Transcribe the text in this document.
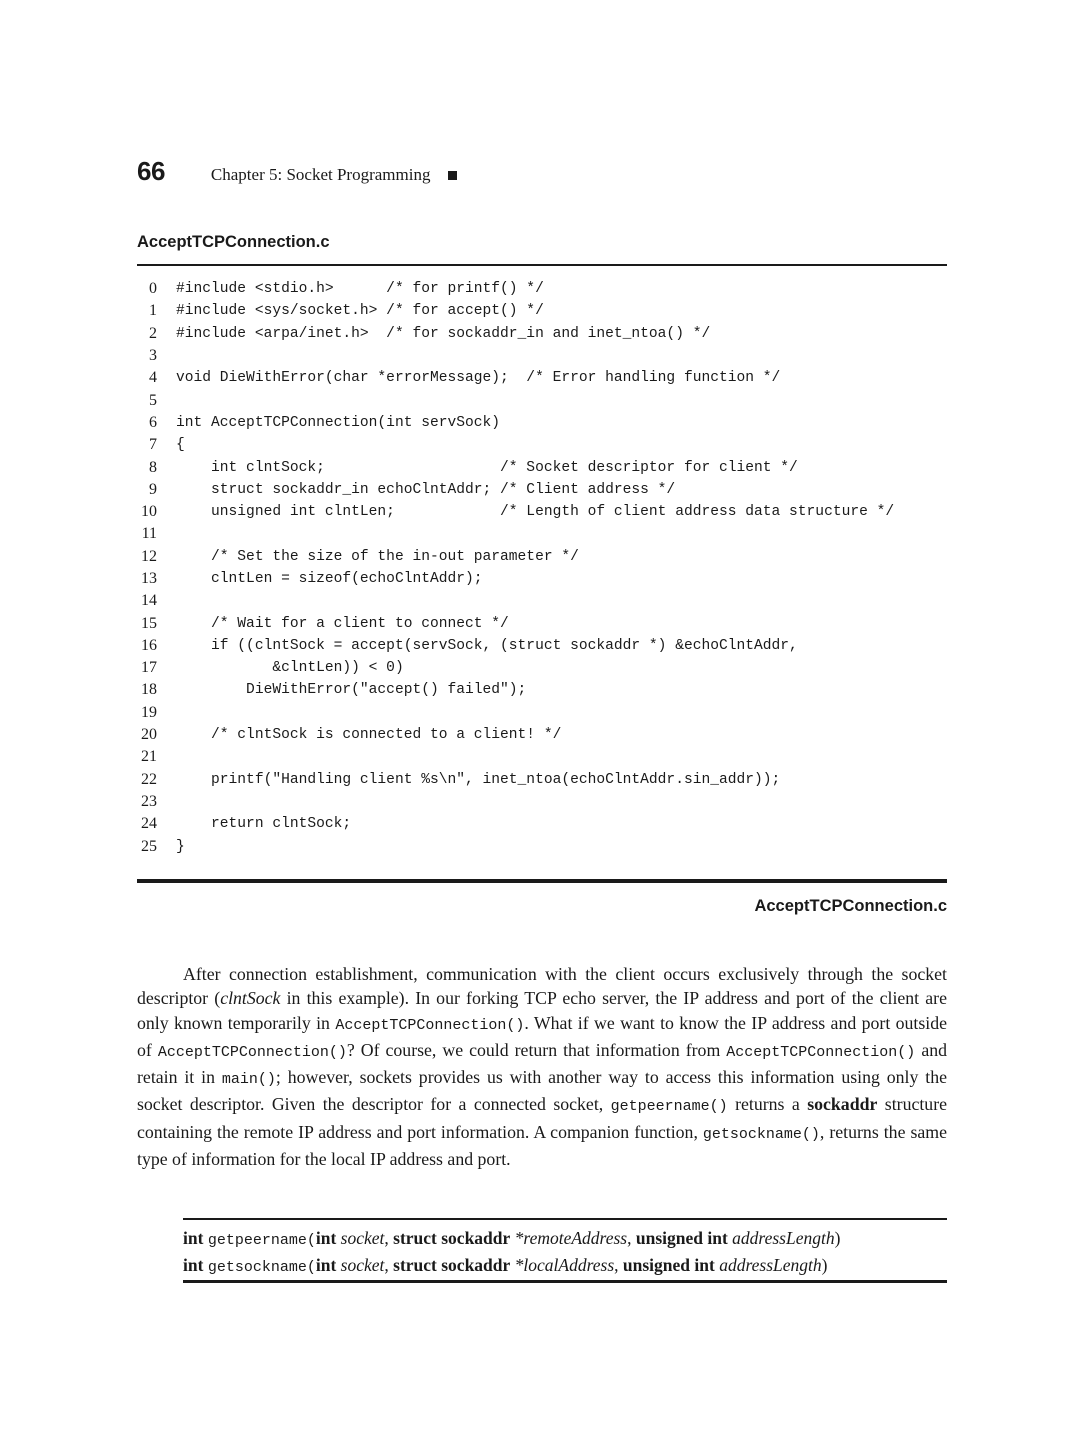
66	Chapter 5: Socket Programming
AcceptTCPConnection.c
0 #include <stdio.h>      /* for printf() */
1 #include <sys/socket.h> /* for accept() */
2 #include <arpa/inet.h>  /* for sockaddr_in and inet_ntoa() */
3
4 void DieWithError(char *errorMessage);  /* Error handling function */
5
6 int AcceptTCPConnection(int servSock)
7 {
8 int clntSock;                    /* Socket descriptor for client */
9 struct sockaddr_in echoClntAddr; /* Client address */
10 unsigned int clntLen;            /* Length of client address data structure */
11
12 /* Set the size of the in-out parameter */
13 clntLen = sizeof(echoClntAddr);
14
15 /* Wait for a client to connect */
16 if ((clntSock = accept(servSock, (struct sockaddr *) &echoClntAddr,
17 &clntLen)) < 0)
18 DieWithError("accept() failed");
19
20 /* clntSock is connected to a client! */
21
22 printf("Handling client %s\n", inet_ntoa(echoClntAddr.sin_addr));
23
24 return clntSock;
25 }
AcceptTCPConnection.c
After connection establishment, communication with the client occurs exclusively through the socket descriptor (clntSock in this example). In our forking TCP echo server, the IP address and port of the client are only known temporarily in AcceptTCPConnection(). What if we want to know the IP address and port outside of AcceptTCPConnection()? Of course, we could return that information from AcceptTCPConnection() and retain it in main(); however, sockets provides us with another way to access this information using only the socket descriptor. Given the descriptor for a connected socket, getpeername() returns a sockaddr structure containing the remote IP address and port information. A companion function, getsockname(), returns the same type of information for the local IP address and port.
int getpeername(int socket, struct sockaddr *remoteAddress, unsigned int addressLength)
int getsockname(int socket, struct sockaddr *localAddress, unsigned int addressLength)
